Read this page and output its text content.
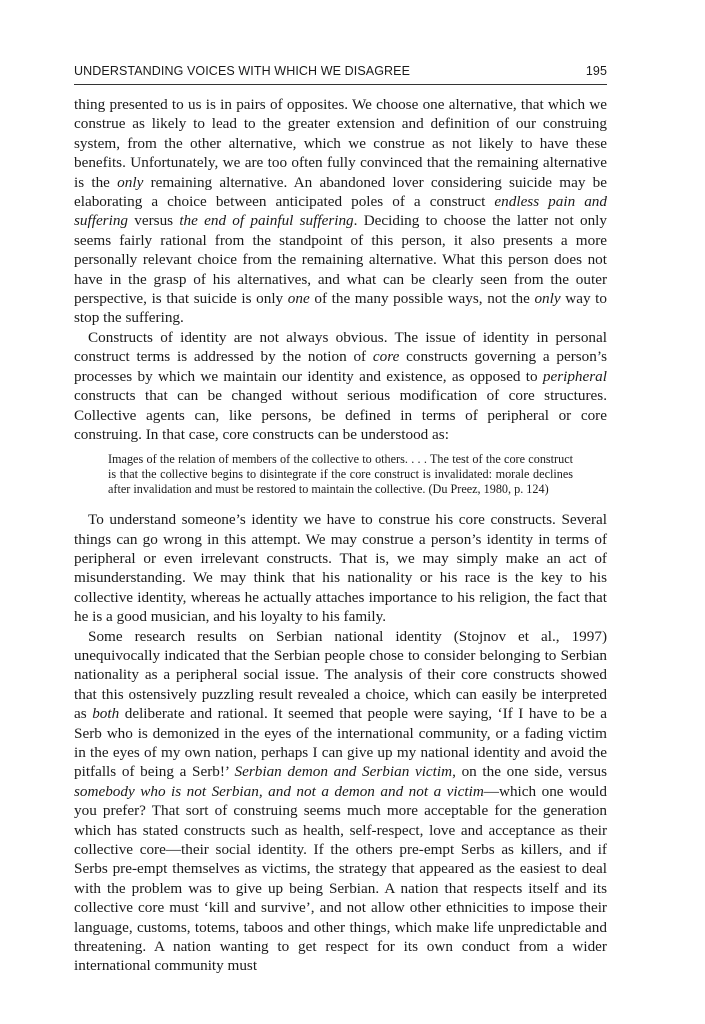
UNDERSTANDING VOICES WITH WHICH WE DISAGREE	195

thing presented to us is in pairs of opposites. We choose one alternative, that which we construe as likely to lead to the greater extension and definition of our construing system, from the other alternative, which we construe as not likely to have these benefits. Unfortunately, we are too often fully convinced that the remaining alternative is the only remaining alternative. An abandoned lover considering suicide may be elaborating a choice between anticipated poles of a construct endless pain and suffering versus the end of painful suffering. Deciding to choose the latter not only seems fairly rational from the standpoint of this person, it also presents a more personally relevant choice from the remaining alternative. What this person does not have in the grasp of his alternatives, and what can be clearly seen from the outer perspective, is that suicide is only one of the many possible ways, not the only way to stop the suffering.

Constructs of identity are not always obvious. The issue of identity in personal construct terms is addressed by the notion of core constructs governing a person’s processes by which we maintain our identity and existence, as opposed to peripheral constructs that can be changed without serious modification of core structures. Collective agents can, like persons, be defined in terms of peripheral or core construing. In that case, core constructs can be understood as:

Images of the relation of members of the collective to others. . . . The test of the core construct is that the collective begins to disintegrate if the core construct is invalidated: morale declines after invalidation and must be restored to maintain the collective. (Du Preez, 1980, p. 124)

To understand someone’s identity we have to construe his core constructs. Several things can go wrong in this attempt. We may construe a person’s identity in terms of peripheral or even irrelevant constructs. That is, we may simply make an act of misunderstanding. We may think that his nationality or his race is the key to his collective identity, whereas he actually attaches importance to his religion, the fact that he is a good musician, and his loyalty to his family.

Some research results on Serbian national identity (Stojnov et al., 1997) unequivocally indicated that the Serbian people chose to consider belonging to Serbian nationality as a peripheral social issue. The analysis of their core constructs showed that this ostensively puzzling result revealed a choice, which can easily be interpreted as both deliberate and rational. It seemed that people were saying, ‘If I have to be a Serb who is demonized in the eyes of the international community, or a fading victim in the eyes of my own nation, perhaps I can give up my national identity and avoid the pitfalls of being a Serb!’ Serbian demon and Serbian victim, on the one side, versus somebody who is not Serbian, and not a demon and not a victim—which one would you prefer? That sort of construing seems much more acceptable for the generation which has stated constructs such as health, self-respect, love and acceptance as their collective core—their social identity. If the others pre-empt Serbs as killers, and if Serbs pre-empt themselves as victims, the strategy that appeared as the easiest to deal with the problem was to give up being Serbian. A nation that respects itself and its collective core must ‘kill and survive’, and not allow other ethnicities to impose their language, customs, totems, taboos and other things, which make life unpredictable and threatening. A nation wanting to get respect for its own conduct from a wider international community must
